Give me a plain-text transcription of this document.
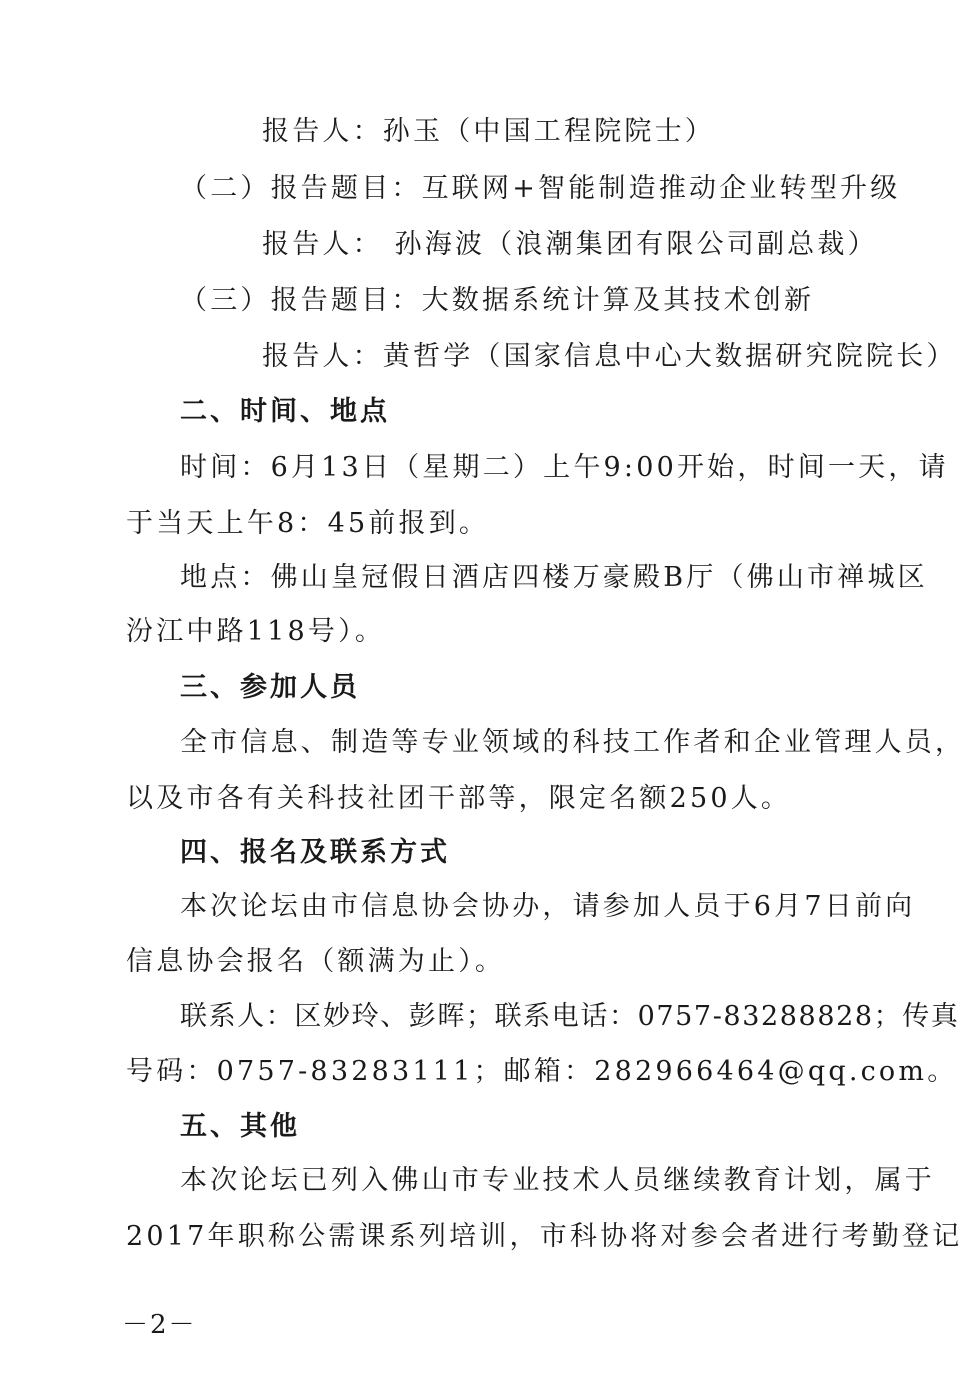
报告人：孙玉（中国工程院院士）
（二）报告题目：互联网+智能制造推动企业转型升级
报告人： 孙海波（浪潮集团有限公司副总裁）
（三）报告题目：大数据系统计算及其技术创新
报告人：黄哲学（国家信息中心大数据研究院院长）
二、时间、地点
时间：6月13日（星期二）上午9:00开始，时间一天，请
于当天上午8：45前报到。
地点：佛山皇冠假日酒店四楼万豪殿B厅（佛山市禅城区
汾江中路118号）。
三、参加人员
全市信息、制造等专业领域的科技工作者和企业管理人员，
以及市各有关科技社团干部等，限定名额250人。
四、报名及联系方式
本次论坛由市信息协会协办，请参加人员于6月7日前向
信息协会报名（额满为止）。
联系人：区妙玲、彭晖；联系电话：0757-83288828；传真
号码：0757-83283111；邮箱：282966464@qq.com。
五、其他
本次论坛已列入佛山市专业技术人员继续教育计划，属于
2017年职称公需课系列培训，市科协将对参会者进行考勤登记
－2－
